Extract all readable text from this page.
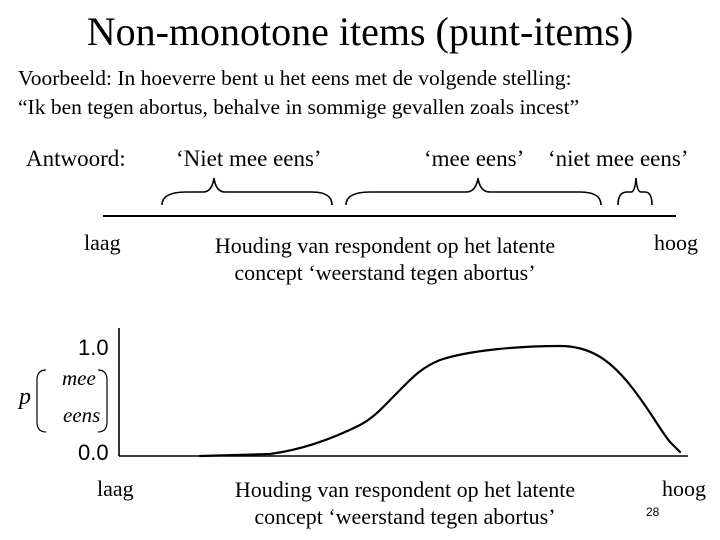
Non-monotone items (punt-items)
Voorbeeld: In hoeverre bent u het eens met de volgende stelling:
“Ik ben tegen abortus, behalve in sommige gevallen zoals incest”
Antwoord: ‘Niet mee eens’	‘mee eens’ ‘niet mee eens’
laag	hoog
Houding van respondent op het latente
concept ‘weerstand tegen abortus’
1.0
0.0
p
mee
eens
laag	hoog
Houding van respondent op het latente
concept ‘weerstand tegen abortus’	28
